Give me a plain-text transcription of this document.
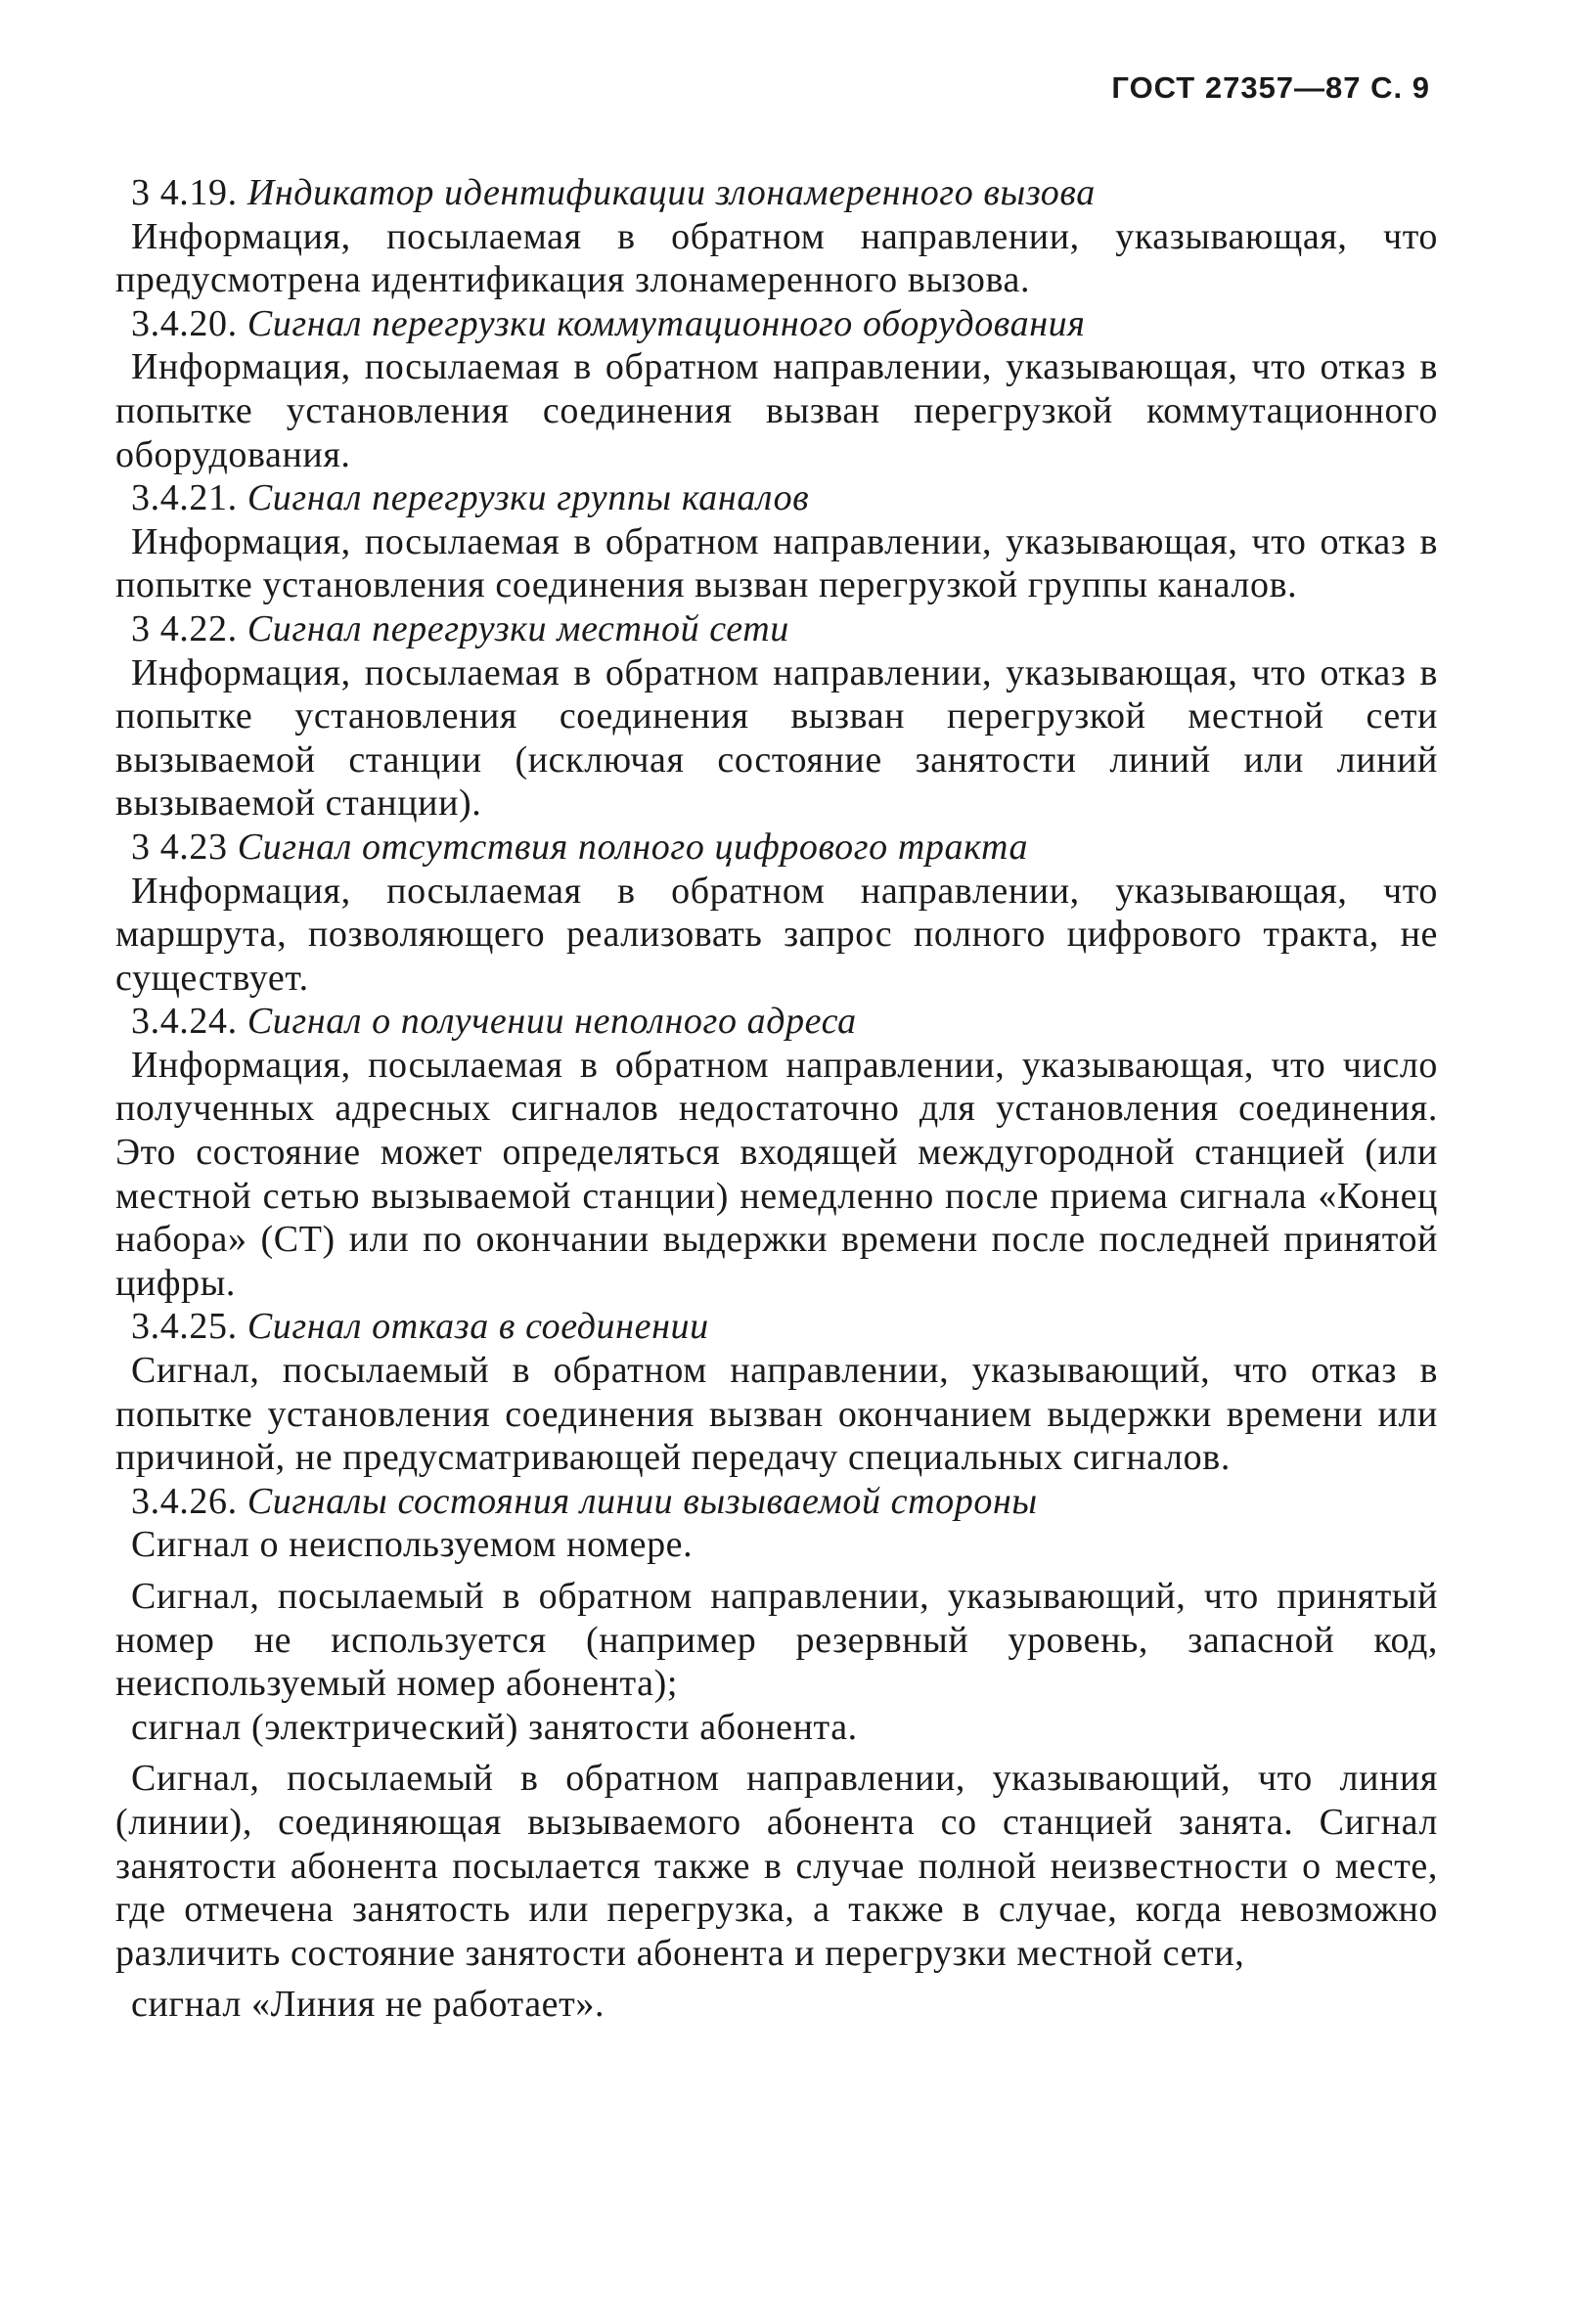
ГОСТ 27357—87 С. 9

3 4.19. Индикатор идентификации злонамеренного вызова

Информация, посылаемая в обратном направлении, указывающая, что предусмотрена идентификация злонамеренного вызова.

3.4.20. Сигнал перегрузки коммутационного оборудования

Информация, посылаемая в обратном направлении, указывающая, что отказ в попытке установления соединения вызван перегрузкой коммутационного оборудования.

3.4.21. Сигнал перегрузки группы каналов

Информация, посылаемая в обратном направлении, указывающая, что отказ в попытке установления соединения вызван перегрузкой группы каналов.

3 4.22. Сигнал перегрузки местной сети

Информация, посылаемая в обратном направлении, указывающая, что отказ в попытке установления соединения вызван перегрузкой местной сети вызываемой станции (исключая состояние занятости линий или линий вызываемой станции).

3 4.23 Сигнал отсутствия полного цифрового тракта

Информация, посылаемая в обратном направлении, указывающая, что маршрута, позволяющего реализовать запрос полного цифрового тракта, не существует.

3.4.24. Сигнал о получении неполного адреса

Информация, посылаемая в обратном направлении, указывающая, что число полученных адресных сигналов недостаточно для установления соединения. Это состояние может определяться входящей междугородной станцией (или местной сетью вызываемой станции) немедленно после приема сигнала «Конец набора» (СТ) или по окончании выдержки времени после последней принятой цифры.

3.4.25. Сигнал отказа в соединении

Сигнал, посылаемый в обратном направлении, указывающий, что отказ в попытке установления соединения вызван окончанием выдержки времени или причиной, не предусматривающей передачу специальных сигналов.

3.4.26. Сигналы состояния линии вызываемой стороны

Сигнал о неиспользуемом номере.

Сигнал, посылаемый в обратном направлении, указывающий, что принятый номер не используется (например резервный уровень, запасной код, неиспользуемый номер абонента);

сигнал (электрический) занятости абонента.

Сигнал, посылаемый в обратном направлении, указывающий, что линия (линии), соединяющая вызываемого абонента со станцией занята. Сигнал занятости абонента посылается также в случае полной неизвестности о месте, где отмечена занятость или перегрузка, а также в случае, когда невозможно различить состояние занятости абонента и перегрузки местной сети,

сигнал «Линия не работает».
